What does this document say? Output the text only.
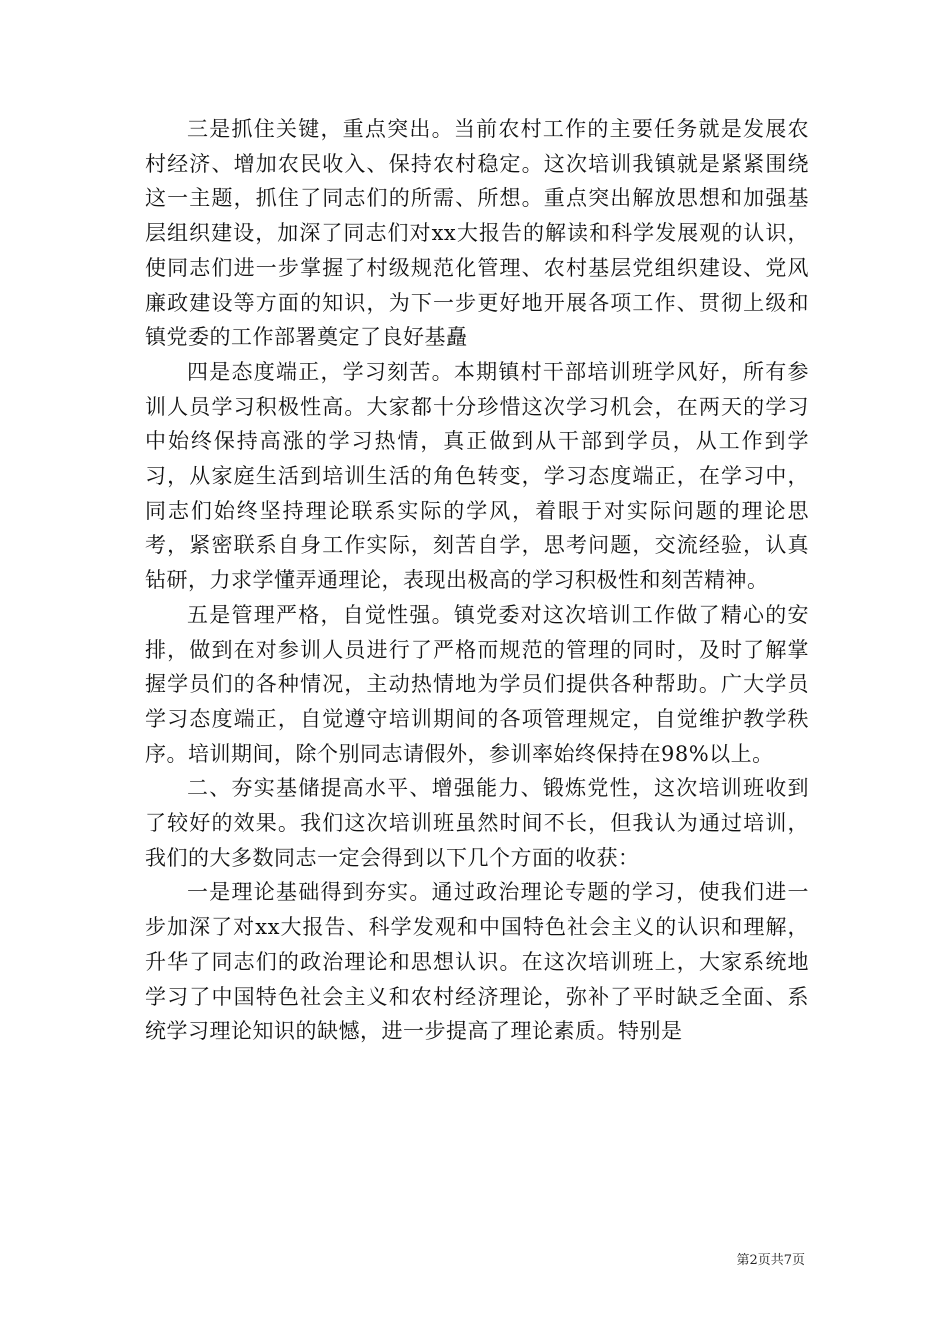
三是抓住关键，重点突出。当前农村工作的主要任务就是发展农村经济、增加农民收入、保持农村稳定。这次培训我镇就是紧紧围绕这一主题，抓住了同志们的所需、所想。重点突出解放思想和加强基层组织建设，加深了同志们对xx大报告的解读和科学发展观的认识，使同志们进一步掌握了村级规范化管理、农村基层党组织建设、党风廉政建设等方面的知识，为下一步更好地开展各项工作、贯彻上级和镇党委的工作部署奠定了良好基矗

四是态度端正，学习刻苦。本期镇村干部培训班学风好，所有参训人员学习积极性高。大家都十分珍惜这次学习机会，在两天的学习中始终保持高涨的学习热情，真正做到从干部到学员，从工作到学习，从家庭生活到培训生活的角色转变，学习态度端正，在学习中，同志们始终坚持理论联系实际的学风，着眼于对实际问题的理论思考，紧密联系自身工作实际，刻苦自学，思考问题，交流经验，认真钻研，力求学懂弄通理论，表现出极高的学习积极性和刻苦精神。

五是管理严格，自觉性强。镇党委对这次培训工作做了精心的安排，做到在对参训人员进行了严格而规范的管理的同时，及时了解掌握学员们的各种情况，主动热情地为学员们提供各种帮助。广大学员学习态度端正，自觉遵守培训期间的各项管理规定，自觉维护教学秩序。培训期间，除个别同志请假外，参训率始终保持在98%以上。

二、夯实基储提高水平、增强能力、锻炼党性，这次培训班收到了较好的效果。我们这次培训班虽然时间不长，但我认为通过培训，我们的大多数同志一定会得到以下几个方面的收获：

一是理论基础得到夯实。通过政治理论专题的学习，使我们进一步加深了对xx大报告、科学发观和中国特色社会主义的认识和理解，升华了同志们的政治理论和思想认识。在这次培训班上，大家系统地学习了中国特色社会主义和农村经济理论，弥补了平时缺乏全面、系统学习理论知识的缺憾，进一步提高了理论素质。特别是

第2页共7页
